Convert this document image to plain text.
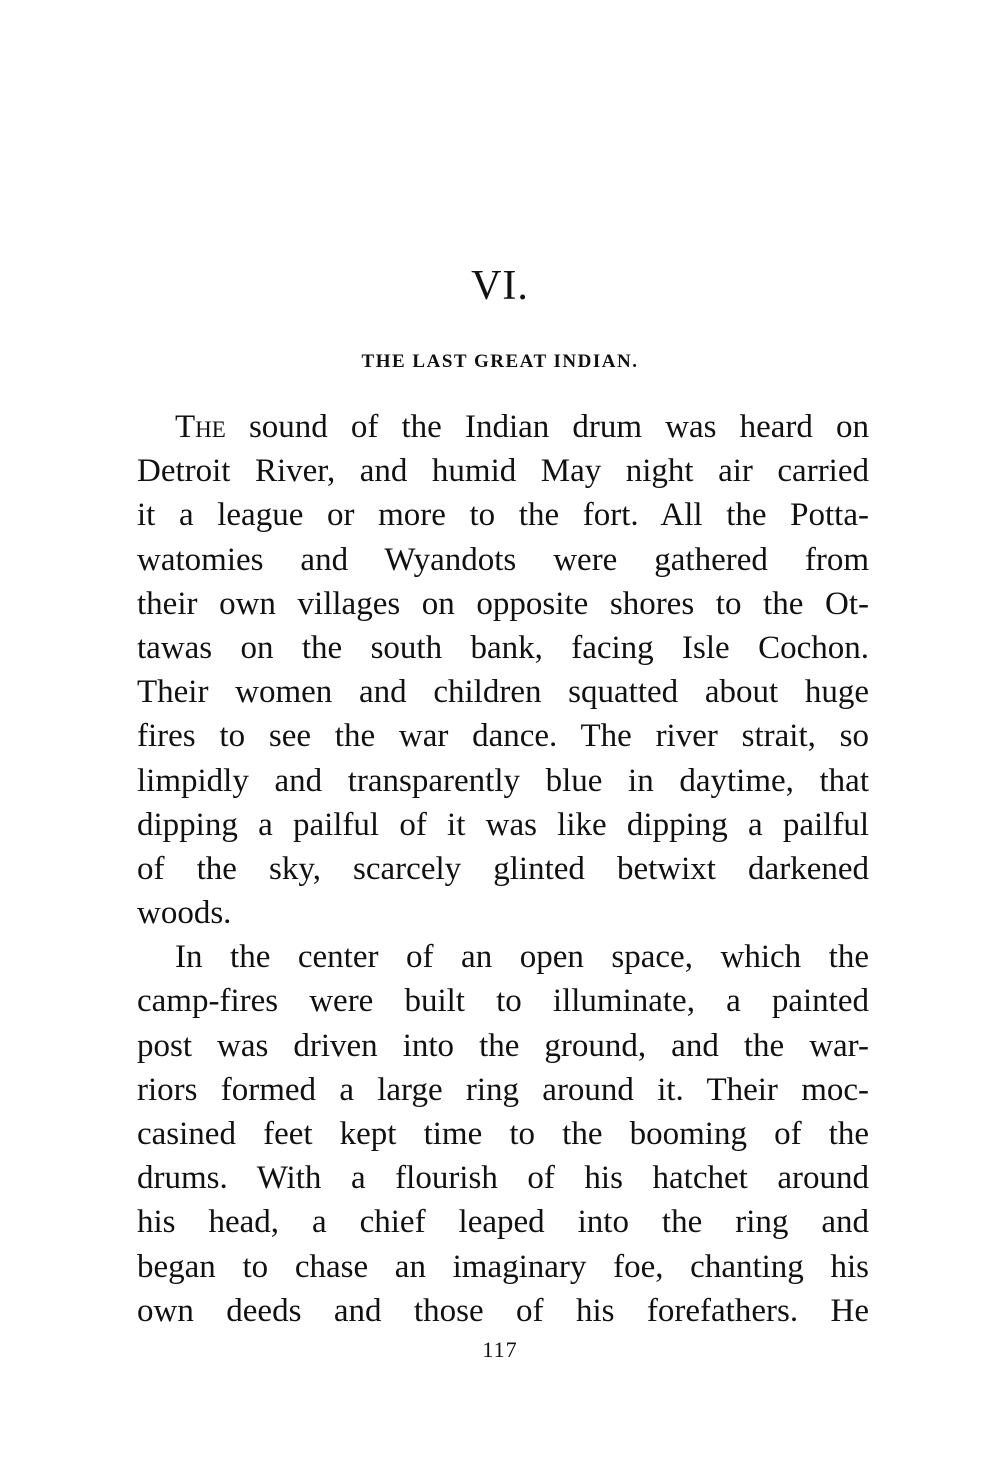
VI.
THE LAST GREAT INDIAN.
The sound of the Indian drum was heard on
Detroit River, and humid May night air carried
it a league or more to the fort. All the Potta-
watomies and Wyandots were gathered from
their own villages on opposite shores to the Ot-
tawas on the south bank, facing Isle Cochon.
Their women and children squatted about huge
fires to see the war dance. The river strait, so
limpidly and transparently blue in daytime, that
dipping a pailful of it was like dipping a pailful
of the sky, scarcely glinted betwixt darkened
woods.
In the center of an open space, which the
camp-fires were built to illuminate, a painted
post was driven into the ground, and the war-
riors formed a large ring around it. Their moc-
casined feet kept time to the booming of the
drums. With a flourish of his hatchet around
his head, a chief leaped into the ring and
began to chase an imaginary foe, chanting his
own deeds and those of his forefathers. He
117
